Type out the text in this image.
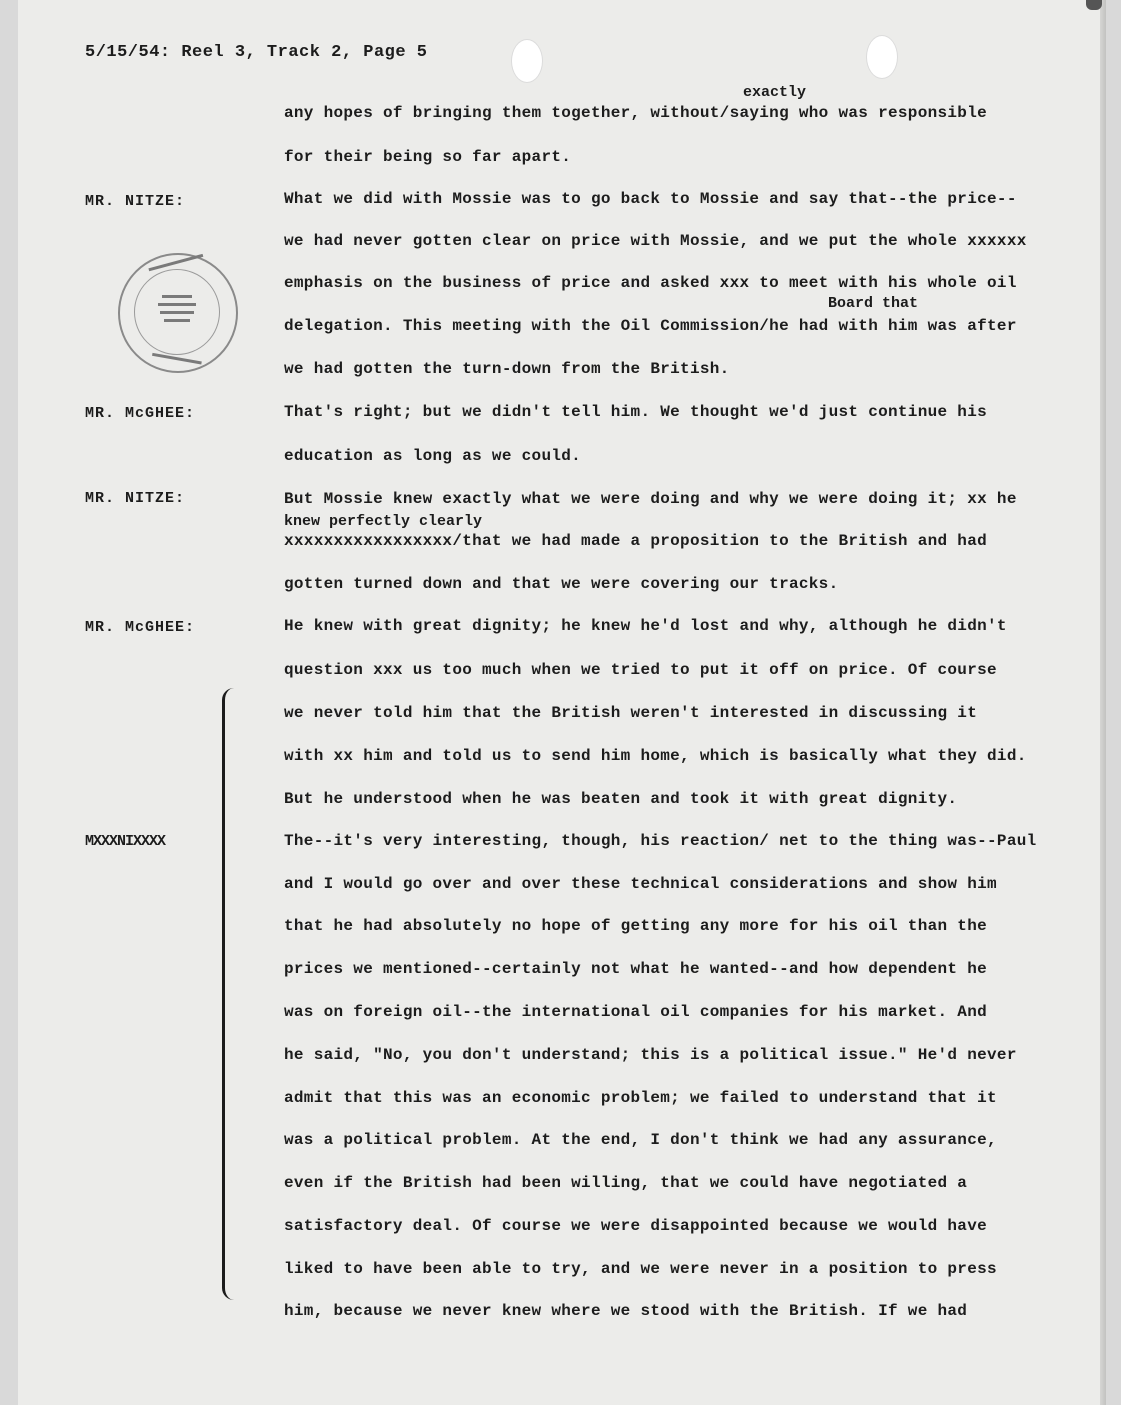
5/15/54: Reel 3, Track 2, Page 5
exactly
Board that
knew perfectly clearly
MR. NITZE:
MR. McGHEE:
MR. NITZE:
MR. McGHEE:
MXXXNIXXXX
any hopes of bringing them together, without/saying who was responsible
for their being so far apart.
What we did with Mossie was to go back to Mossie and say that--the price--
we had never gotten clear on price with Mossie, and we put the whole xxxxxx
emphasis on the business of price and asked xxx to meet with his whole oil
delegation. This meeting with the Oil Commission/he had with him was after
we had gotten the turn-down from the British.
That's right; but we didn't tell him. We thought we'd just continue his
education as long as we could.
But Mossie knew exactly what we were doing and why we were doing it; xx he
xxxxxxxxxxxxxxxxx/that we had made a proposition to the British and had
gotten turned down and that we were covering our tracks.
He knew with great dignity; he knew he'd lost and why, although he didn't
question xxx us too much when we tried to put it off on price. Of course
we never told him that the British weren't interested in discussing it
with xx him and told us to send him home, which is basically what they did.
But he understood when he was beaten and took it with great dignity.
The--it's very interesting, though, his reaction/ net to the thing was--Paul
and I would go over and over these technical considerations and show him
that he had absolutely no hope of getting any more for his oil than the
prices we mentioned--certainly not what he wanted--and how dependent he
was on foreign oil--the international oil companies for his market. And
he said, "No, you don't understand; this is a political issue." He'd never
admit that this was an economic problem; we failed to understand that it
was a political problem. At the end, I don't think we had any assurance,
even if the British had been willing, that we could have negotiated a
satisfactory deal. Of course we were disappointed because we would have
liked to have been able to try, and we were never in a position to press
him, because we never knew where we stood with the British. If we had
